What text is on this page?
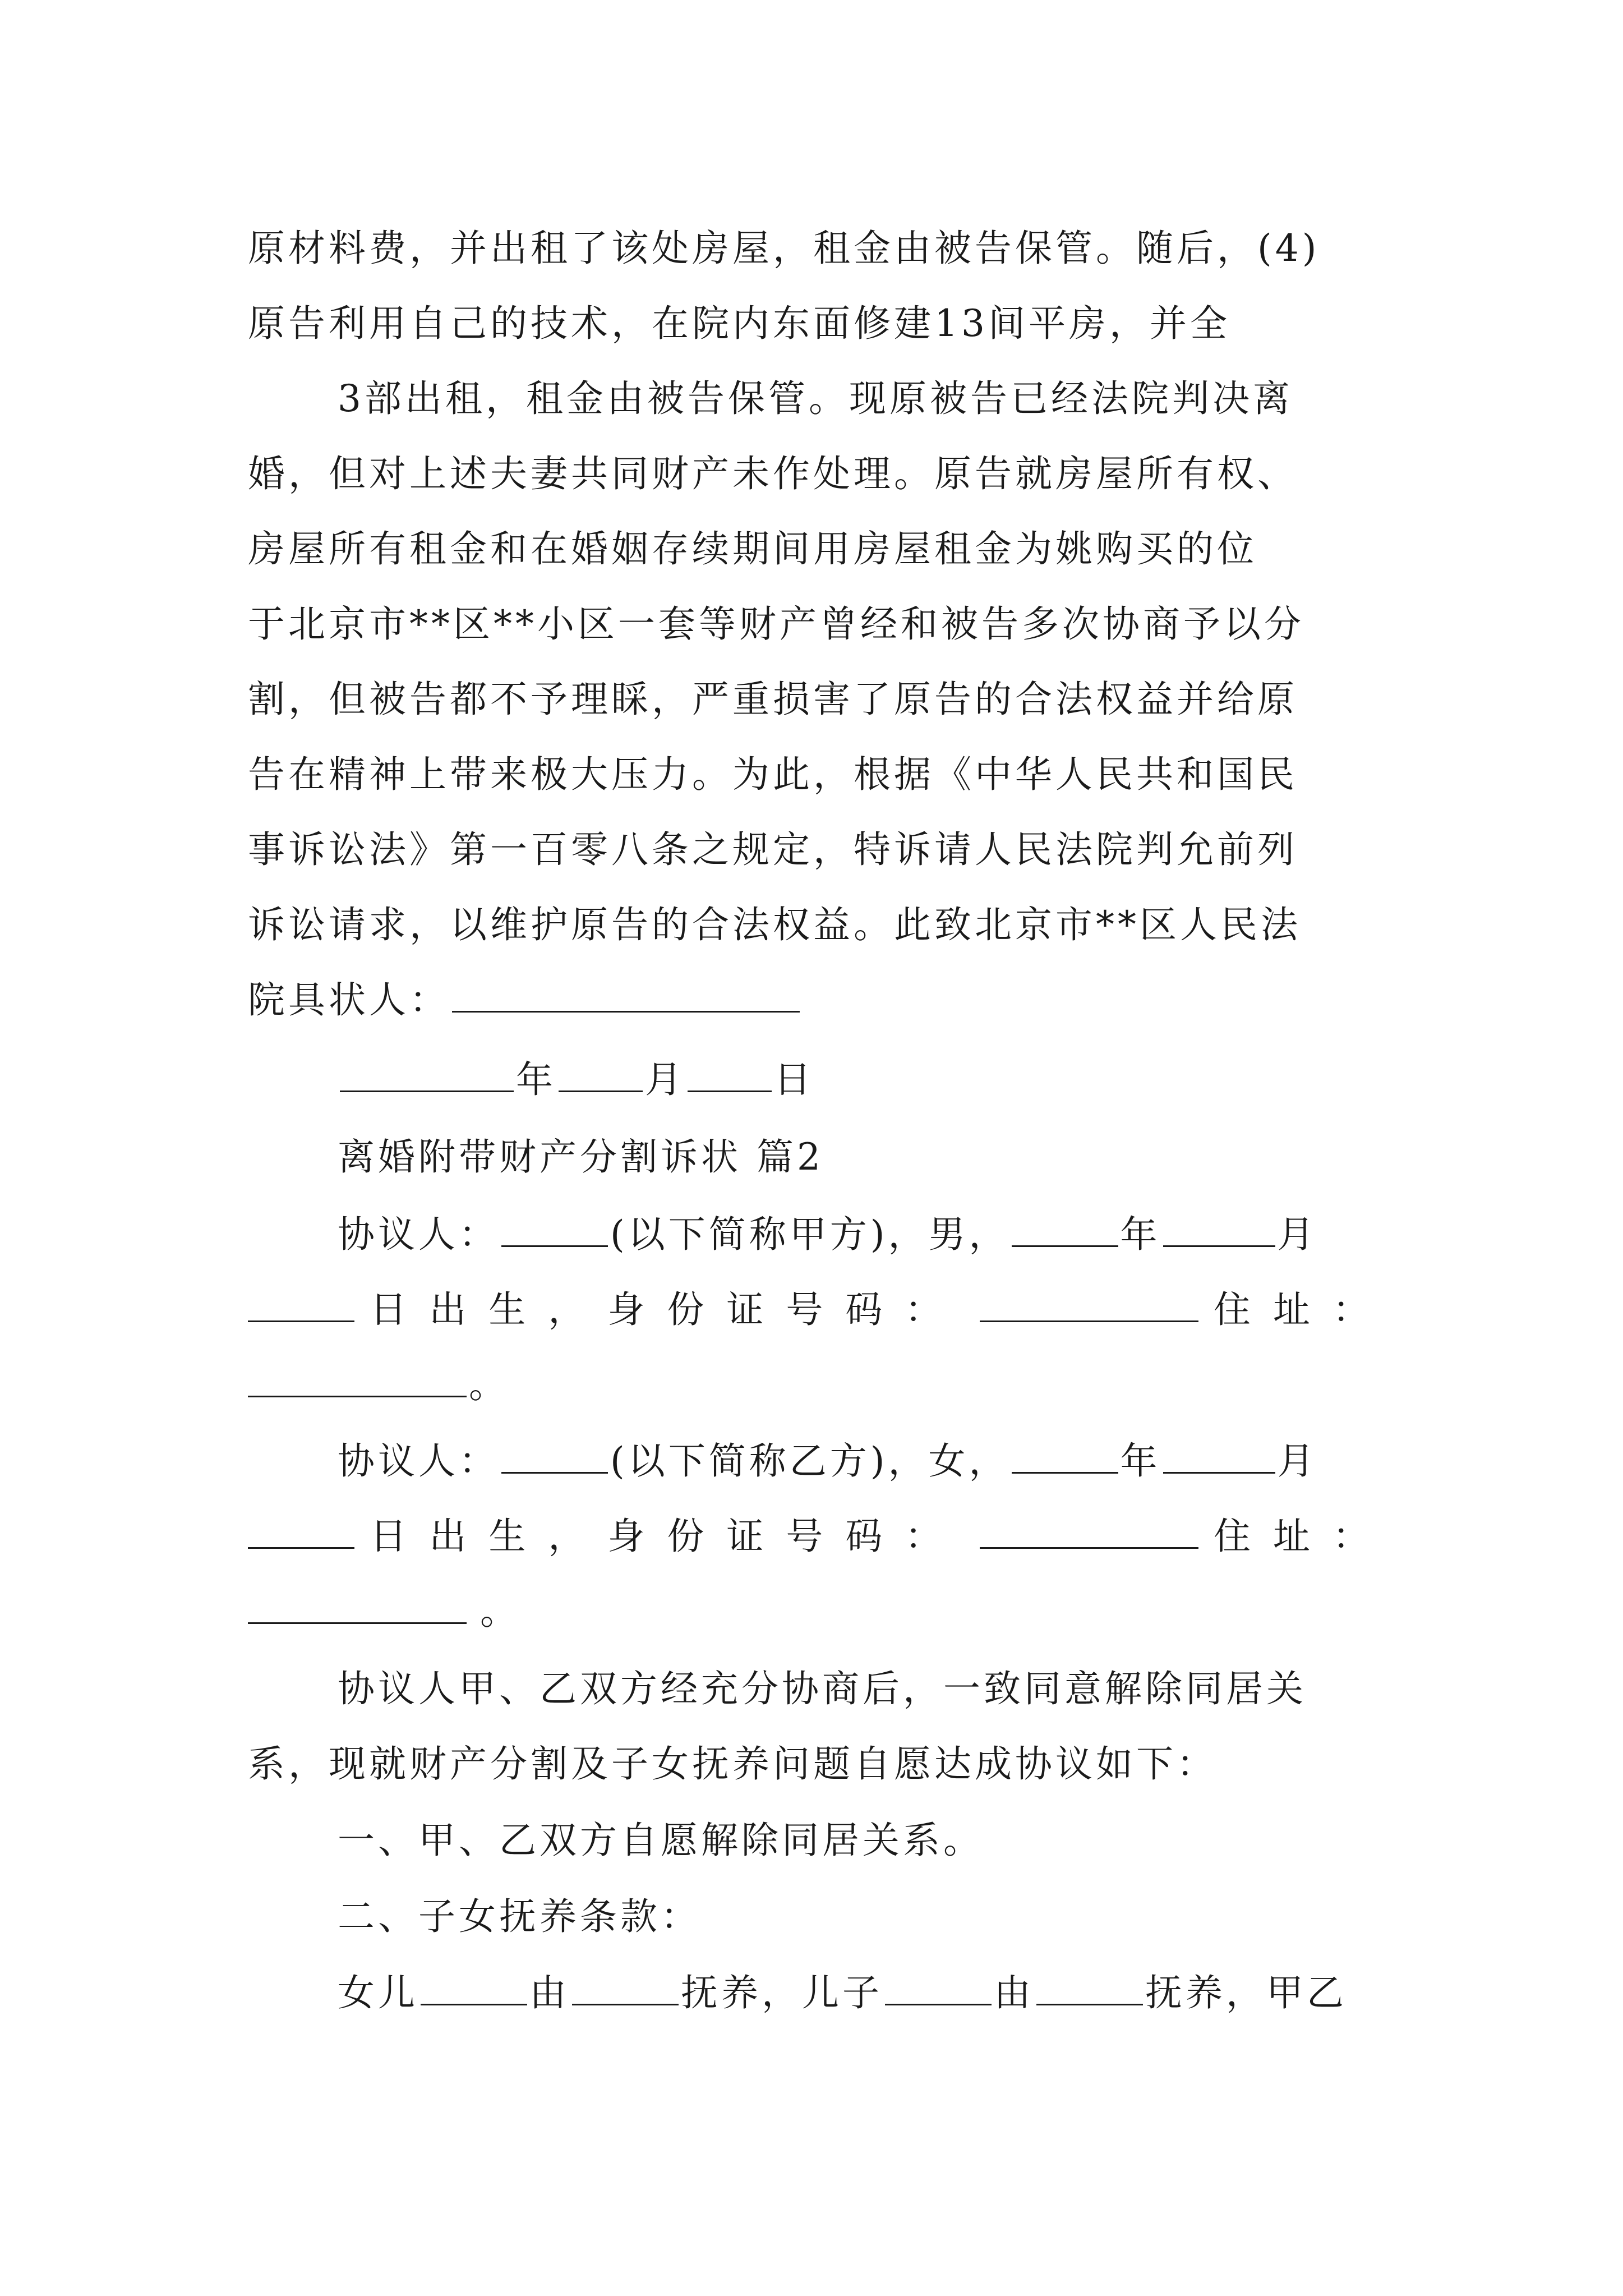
原材料费，并出租了该处房屋，租金由被告保管。随后，(4)
原告利用自己的技术，在院内东面修建13间平房，并全
3部出租，租金由被告保管。现原被告已经法院判决离
婚，但对上述夫妻共同财产未作处理。原告就房屋所有权、
房屋所有租金和在婚姻存续期间用房屋租金为姚购买的位
于北京市**区**小区一套等财产曾经和被告多次协商予以分
割，但被告都不予理睬，严重损害了原告的合法权益并给原
告在精神上带来极大压力。为此，根据《中华人民共和国民
事诉讼法》第一百零八条之规定，特诉请人民法院判允前列
诉讼请求，以维护原告的合法权益。此致北京市**区人民法
院具状人：
年 月 日
离婚附带财产分割诉状 篇2
协议人：	(以下简称甲方)，男，	年	月
日出生，身份证号码：	住址：
。
协议人：	(以下简称乙方)，女，	年	月
日出生，身份证号码：	住址：
。
协议人甲、乙双方经充分协商后，一致同意解除同居关
系，现就财产分割及子女抚养问题自愿达成协议如下：
一、甲、乙双方自愿解除同居关系。
二、子女抚养条款：
女儿	由	抚养，儿子	由	抚养，甲乙
